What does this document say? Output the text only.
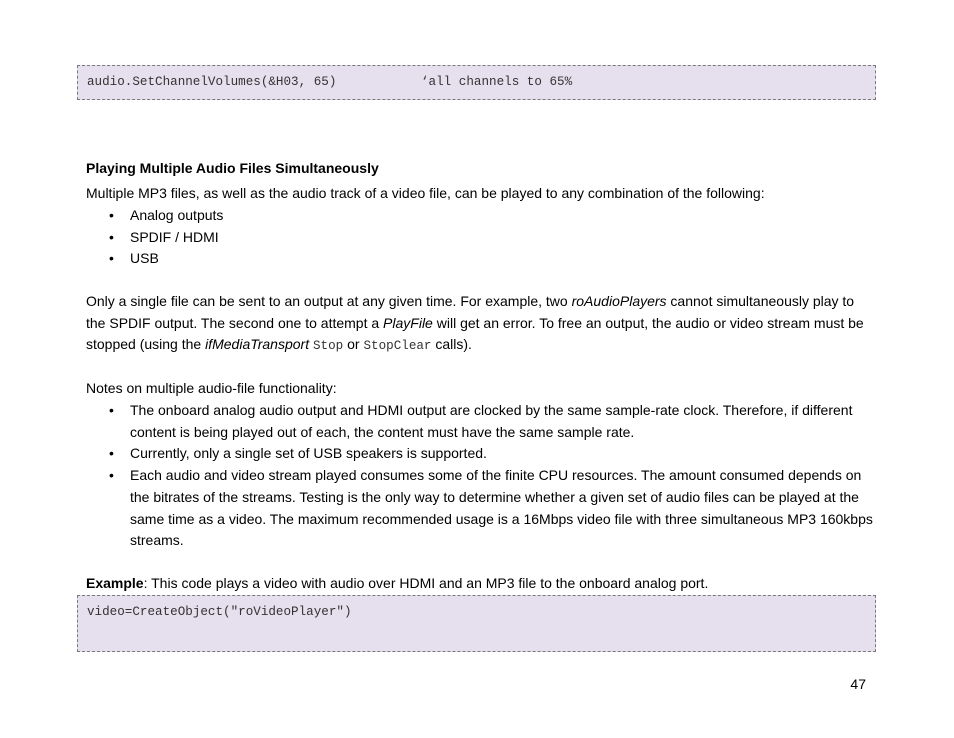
audio.SetChannelVolumes(&H03, 65)	‘all channels to 65%
Playing Multiple Audio Files Simultaneously
Multiple MP3 files, as well as the audio track of a video file, can be played to any combination of the following:
• Analog outputs
• SPDIF / HDMI
• USB
Only a single file can be sent to an output at any given time. For example, two roAudioPlayers cannot simultaneously play to the SPDIF output. The second one to attempt a PlayFile will get an error. To free an output, the audio or video stream must be stopped (using the ifMediaTransport Stop or StopClear calls).
Notes on multiple audio-file functionality:
• The onboard analog audio output and HDMI output are clocked by the same sample-rate clock. Therefore, if different content is being played out of each, the content must have the same sample rate.
• Currently, only a single set of USB speakers is supported.
• Each audio and video stream played consumes some of the finite CPU resources. The amount consumed depends on the bitrates of the streams. Testing is the only way to determine whether a given set of audio files can be played at the same time as a video. The maximum recommended usage is a 16Mbps video file with three simultaneous MP3 160kbps streams.
Example: This code plays a video with audio over HDMI and an MP3 file to the onboard analog port.
video=CreateObject("roVideoPlayer")
47
